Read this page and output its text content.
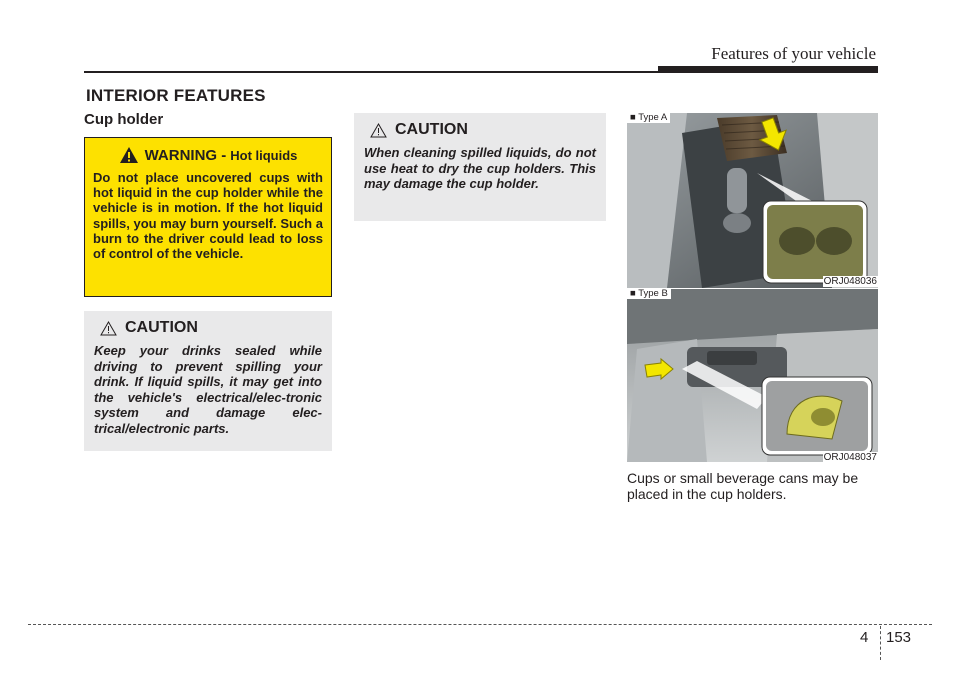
Features of your vehicle
INTERIOR FEATURES
Cup holder
WARNING - Hot liquids
Do not place uncovered cups with hot liquid in the cup holder while the vehicle is in motion. If the hot liquid spills, you may burn yourself. Such a burn to the driver could lead to loss of control of the vehicle.
CAUTION
Keep your drinks sealed while driving to prevent spilling your drink. If liquid spills, it may get into the vehicle's electrical/elec-tronic system and damage elec-trical/electronic parts.
CAUTION
When cleaning spilled liquids, do not use heat to dry the cup holders. This may damage the cup holder.
■ Type A
ORJ048036
■ Type B
ORJ048037
Cups or small beverage cans may be placed in the cup holders.
4 153
